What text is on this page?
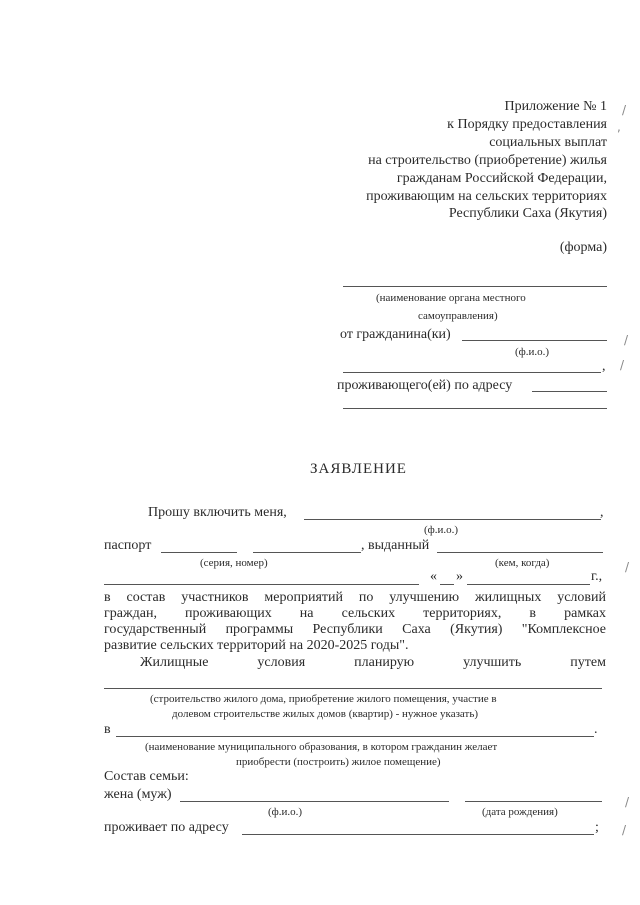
Приложение № 1
к Порядку предоставления
социальных выплат
на строительство (приобретение) жилья
гражданам Российской Федерации,
проживающим на сельских территориях
Республики Саха (Якутия)
(форма)
(наименование органа местного
самоуправления)
от гражданина(ки)
(ф.и.о.)
,
проживающего(ей) по адресу
ЗАЯВЛЕНИЕ
Прошу включить меня,	,
(ф.и.о.)
паспорт	, выданный
(серия, номер)	(кем, когда)
« »	г.,
в состав участников мероприятий по улучшению жилищных условий
граждан, проживающих на сельских территориях, в рамках
государственный программы Республики Саха (Якутия) "Комплексное
развитие сельских территорий на 2020-2025 годы".
Жилищные условия планирую улучшить путем
(строительство жилого дома, приобретение жилого помещения, участие в
долевом строительстве жилых домов (квартир) - нужное указать)
в	.
(наименование муниципального образования, в котором гражданин желает
приобрести (построить) жилое помещение)
Состав семьи:
жена (муж)
(ф.и.о.)	(дата рождения)
проживает по адресу	;
/
,
/
/
/
/
/
